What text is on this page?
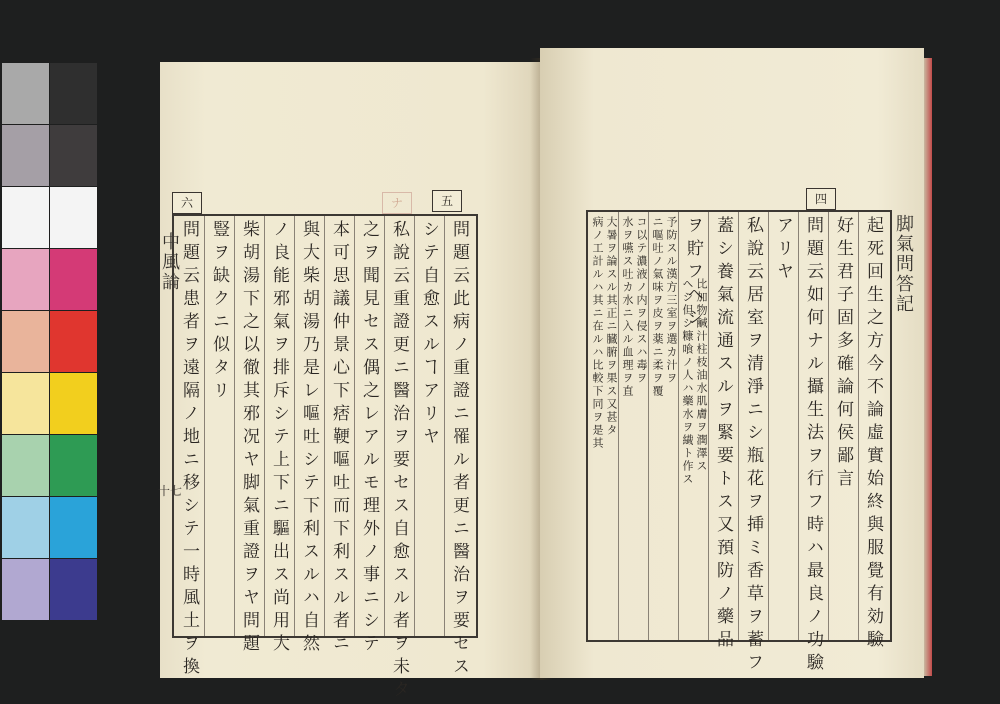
六	ナ	五
中風論
十七	問題云此病ノ重證ニ罹ル者更ニ醫治ヲ要セス
シテ自愈スルヿアリヤ
私說云重證更ニ醫治ヲ要セス自愈スル者ヲ未タ
之ヲ聞見セス偶之レアルモ理外ノ事ニシテ
本可思議仲景心下痞鞕嘔吐而下利スル者ニ
與大柴胡湯乃是レ嘔吐シテ下利スルハ自然
ノ良能邪氣ヲ排斥シテ上下ニ驅出ス尚用大
柴胡湯下之以徹其邪况ヤ脚氣重證ヲヤ問題
豎ヲ缺クニ似タリ
問題云患者ヲ遠隔ノ地ニ移シテ一時風土ヲ換
四
脚氣問答記
起死回生之方今不論虛實始終與服覺有効驗
好生君子固多確論何侯鄙言
問題云如何ナル攝生法ヲ行フ時ハ最良ノ功驗
アリヤ
私說云居室ヲ清淨ニシ瓶花ヲ挿ミ香草ヲ蓄フ
蓋シ養氣流通スルヲ緊要トス又預防ノ藥品
ヲ貯フヘシ
比加物鹹汁柱枝油水肌膚ヲ潤澤ス
ヘシ但シ糠喰ノ人ハ藥水ヲ繊ト作ス
予防スル漢方三室ヲ選カ汁ヲ
ニ嘔吐ノ氣味ヲ皮ヲ薬ニ柔ヲ覆
コ以テ濃液ノ内ヲ侵スハ毒ヲ
水ヲ嚥ス吐カ水ニ入ル血理ヲ直
大暑ヲ論スル其正ニ臓腑ヲ果ス又甚タ
病ノ工計ルハ其ニ在ルハ比較下同ヲ是其
